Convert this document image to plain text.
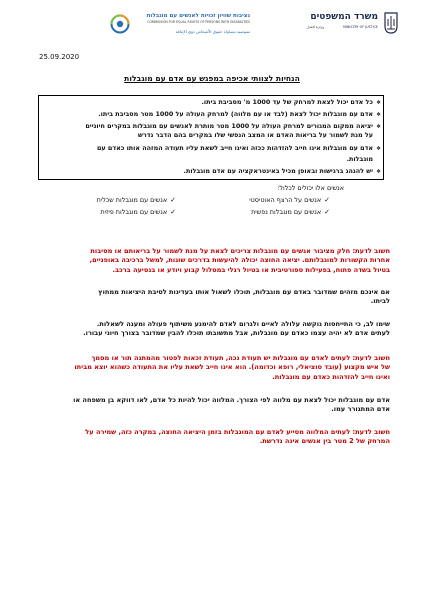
נציבות שוויון זכויות לאנשים עם מוגבלות
COMMISSION FOR EQUAL RIGHTS OF PERSONS WITH DISABILITIES
مفوضية مساواة حقوق الأشخاص ذوي الإعاقة
משרד המשפטים
MINISTRY OF JUSTICE
وزارة العدل
25.09.2020
הנחיות לצוותי אכיפה במפגש עם אדם עם מוגבלות
❖כל אדם יכול לצאת למרחק של עד 1000 מ' מסביבת ביתו.
❖אדם עם מוגבלות יכול לצאת (לבד או עם מלווה) למרחק העולה על 1000 מטר מסביבת ביתו.
❖יציאה ממקום המגורים למרחק העולה על 1000 מטר מותרת לאנשים עם מוגבלות במקרים חיוניים
על מנת לשמור על בריאות האדם או המצב הנפשי שלו במקרים בהם הדבר נדרש
❖אדם עם מוגבלות אינו חייב להזדהות ככזה ואינו חייב לשאת עליו תעודה המזהה אותו כאדם עם
מוגבלות.
❖יש להנהג ברגישות ובאופן מכיל באינטראקציה עם אדם מוגבלות.
אנשים אלו יכולים לכלול:
✓אנשים על הרצף האוטיסטי
✓אנשים עם מוגבלות שכלית
✓אנשים עם מוגבלות נפשית
✓אנשים עם מוגבלות פיזית
חשוב לדעת: חלק מציבור אנשים עם מוגבלות צריכים לצאת על מנת לשמור על בריאותם או מסיבות
אחרות הקשורות למוגבלותם. יציאה החוצה יכולה להיעשות בדרכים שונות, למשל ברכיבה באופניים,
בטיול בשדה פתוח, בפעילות ספורטיבית או בטיול רגלי במסלול קבוע ויודע או בנסיעה ברכב.
אם אינכם מזהים שמדובר באדם עם מוגבלות, תוכלו לשאול אותו בעדינות לסיבת היציאות ממחוץ
לביתו.
שימו לב, כי התייחסות נוקשה עלולה לאיים ולגרום לאדם להימנע משיתוף פעולה ומענה לשאלות.
לעתים אדם לא יהיה עצמו כאדם עם מוגבלות, אבל מתשובתו תוכלו להבין שמדובר בצורך חיוני עבורו.
חשוב לדעת: לעתים לאדם עם מוגבלות יש תעודת נכה, תעודת זכאות לפטור מהמתנה תור או מסמך
של איש מקצוע (עובד סוציאלי, רופא וכדומה). הוא אינו חייב לשאת עליו את התעודה כשהוא יוצא מביתו
ואינו חייב להזדהות כאדם עם מוגבלות.
אדם עם מוגבלות יכול לצאת עם מלווה לפי הצורך. המלווה יכול להיות כל אדם, לאו דווקא בן משפחה או
אדם המתגורר עמו.
חשוב לדעת: לעתים המלווה מסייע לאדם עם המוגבלות בזמן היציאה החוצה, במקרה כזה, שמירה על
המרחק של 2 מטר בין אנשים אינה נדרשת.
